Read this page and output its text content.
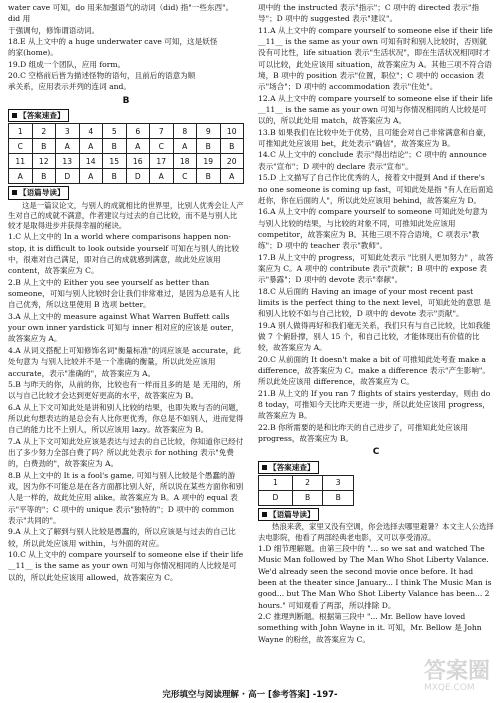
water cave 可知，do 用来加强语气的动词（did) 指"一些东西"。did 用

于强调句，修饰谓语动词。

18.E 从上文中的 a huge underwater cave 可知，这是妖怪

的家(home)。

19.D 组成一个团队，应用 form。

20.C 空格前后皆为描述怪物的语句，且前后的语意为顺

承关系，应用表示并列的连词 and。

B
【答案速查】
1	2	3	4	5	6	7	8	9	10
C	B	A	A	B	A	C	A	B	B
11	12	13	14	15	16	17	18	19	20
A	B	D	A	B	D	A	C	B	A
【语篇导读】

这是一篇议论文，与别人的成就相比的世界里，比别人优秀会让人产生对自己的成就不满意，作者建议与过去的自己比较，而不是与别人比较才是取得进步并获得幸福的秘诀。

1.C 从上文中的 In a world where comparisons happen non-stop, it is difficult to look outside yourself 可知在与别人的比较中，很难对自己满足，即对自己的成就感到满意，故此处应该用 content，故答案应为 C。

2.B 从上文中的 Either you see yourself as better than someone，可知与别人比较时会让我们非常难过，是因为总是有人比自己优秀，所以这里使用 B 选项 better。

3.A 从上文中的 measure against What Warren Buffett calls your own inner yardstick 可知与 inner 相对应的应该是 outer，故答案应为 A。

4.A 从词义搭配上可知修饰名词"衡量标准"的词应该是 accurate，此处句意为 与别人比较并不是一个准确的衡量，所以此处应该用 accurate，表示"准确的"，故答案应为 A。

5.B 与昨天的你，从前的你，比较也有一样而且多的是 是 无用的，所以与自己比较才会达到更好更高的水平，故答案应为 B。

6.A 从上下文可知此处是讲和别人比较的结果，也即失败与否的问题，所以此句想表达的是总会有人比你更优秀，你总是不如别人，进而觉得自己的能力比不上别人，所以应该用 lazy。故答案应为 B。

7.A 从上下文可知此处应该是表达与过去的自己比较，你知道你已经付出了多少努力全部白费了吗？所以此处表示 for nothing 表示"免费的，白费劲的"，故答案应为 A。

8.B 从上文中的 It is a fool's game, 可知与别人比较是个愚蠢的游戏，因为你不可能总是在各方面都比别人好，所以说在某些方面你和别人是一样的，故此处应用 alike。故答案应为 B。A 项中的 equal 表示"平等的"；C 项中的 unique 表示"独特的"；D 项中的 common 表示"共同的"。

9.A 从上文了解到与别人比较是愚蠢的，所以应该是与过去的自己比较，所以此处应该用 within，与外面的对应。

10.C 从上文中的 compare yourself to someone else if their life __11__ is the same as your own 可知与你情况相同的人比较是可以的，所以此处应该用 allowed，故答案应为 C。

项中的 the instructed 表示"指示"；C 项中的 directed 表示"指导"；D 项中的 suggested 表示"建议"。

11.A 从上文中的 compare yourself to someone else if their life __11__ is the same as your own 可知有时和别人比较时，否则就没有可比性，life situation 表示"生活状况"，即在生活状况相同时才可以比较，此处应该用 situation，故答案应为 A。其他三项不符合语境，B 项中的 position 表示"位置，职位"；C 项中的 occasion 表示"场合"；D 项中的 accommodation 表示"住处"。

12.A 从上文中的 compare yourself to someone else if their life __11__ is the same as your own 可知与你情况相同的人比较是可以的，所以此处用 match，故答案应为 A。

13.B 如果我们在比较中处于优势，且可能会对自己非常满意和自豪，可推知此处应该用 bet，此处表示"确信"，故答案应为 B。

14.C 从上文中的 conclude 表示"得出结论"；C 项中的 announce 表示"宣布"；D 项中的 declare 表示"宣布"。

15.D 上文描写了自己作比优秀的人，接着文中提到 And if there's no one someone is coming up fast，可知此处是指 "有人在后面追赶你，你在后面的人"，所以此处应该用 behind，故答案应为 D。

16.A 从上文中的 compare yourself to someone 可知此处句意为 与别人比较的结果，与比较的对象不同，可推知此处应该用 competitor，故答案应为 B。其他三项不符合语境，C 项表示"教练"；D 项中的 teacher 表示"教师"。

17.B 从上文中的 progress，可知此处表示 "比别人更加努力" ，故答案应为 C。A 项中的 contribute 表示"贡献"；B 项中的 expose 表示"暴露"；D 项中的 devote 表示"奉献"。

18.C 从后面的 Having an image of your most recent past limits is the perfect thing to the next level，可知此处的意思 是和别人比较不如与自己比较，D 项中的 devote 表示"贡献"。

19.A 别人做得再好和我们毫无关系，我们只有与自己比较，比如我能做 7 个俯卧撑，别人 15 个，和自己比较，才能体现出有价值的比较，故答案应为 A。

20.C 从前面的 It doesn't make a bit of 可推知此处考查 make a difference，故答案应为 C。make a difference 表示"产生影响"。所以此处应该用 difference，故答案应为 C。

21.B 从上文的 If you ran 7 flights of stairs yesterday，则由 do 8 today，可推知今天比昨天更进一步，所以此处应该用 progress，故答案应为 B。

22.B 你所需要的是和比昨天的自己进步了，可推知此处应该用 progress，故答案应为 B。

C
【答案速查】
1	2	3
D	B	B
【语篇导读】

热浪来袭，家里又没有空调，你会选择去哪里避暑？本文主人公选择去电影院，他看了两部经典老电影，又可以享受清凉。

1.D 细节理解题。由第三段中的 "... so we sat and watched The Music Man followed by The Man Who Shot Liberty Valance. We'd already seen the second movie once before. It had been at the theater since January... I think The Music Man is good... but The Man Who Shot Liberty Valance has been... 2 hours." 可知观看了两部，所以排除 D。

2.C 推理判断题。根据第三段中 "... Mr. Bellow have loved something with John Wayne in it. 可知，Mr. Bellow 是 John Wayne 的粉丝，故答案应为 C。

完形填空与阅读理解 · 高一 [参考答案] -197-
答案圈
MXQE.COM
